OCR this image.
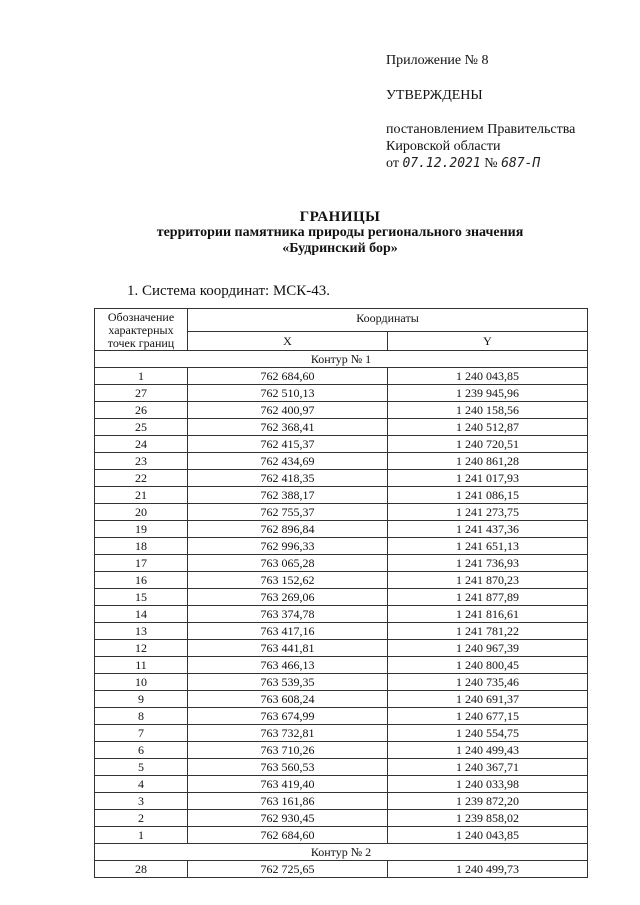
Приложение № 8
УТВЕРЖДЕНЫ
постановлением Правительства
Кировской области
от 07.12.2021 № 687-П
ГРАНИЦЫ
территории памятника природы регионального значения
«Будринский бор»
1. Система координат: МСК-43.
Обозначение характерных точек границ	Координаты	
	X	Y
Контур № 1		
1	762 684,60	1 240 043,85
27	762 510,13	1 239 945,96
26	762 400,97	1 240 158,56
25	762 368,41	1 240 512,87
24	762 415,37	1 240 720,51
23	762 434,69	1 240 861,28
22	762 418,35	1 241 017,93
21	762 388,17	1 241 086,15
20	762 755,37	1 241 273,75
19	762 896,84	1 241 437,36
18	762 996,33	1 241 651,13
17	763 065,28	1 241 736,93
16	763 152,62	1 241 870,23
15	763 269,06	1 241 877,89
14	763 374,78	1 241 816,61
13	763 417,16	1 241 781,22
12	763 441,81	1 240 967,39
11	763 466,13	1 240 800,45
10	763 539,35	1 240 735,46
9	763 608,24	1 240 691,37
8	763 674,99	1 240 677,15
7	763 732,81	1 240 554,75
6	763 710,26	1 240 499,43
5	763 560,53	1 240 367,71
4	763 419,40	1 240 033,98
3	763 161,86	1 239 872,20
2	762 930,45	1 239 858,02
1	762 684,60	1 240 043,85
Контур № 2		
28	762 725,65	1 240 499,73
